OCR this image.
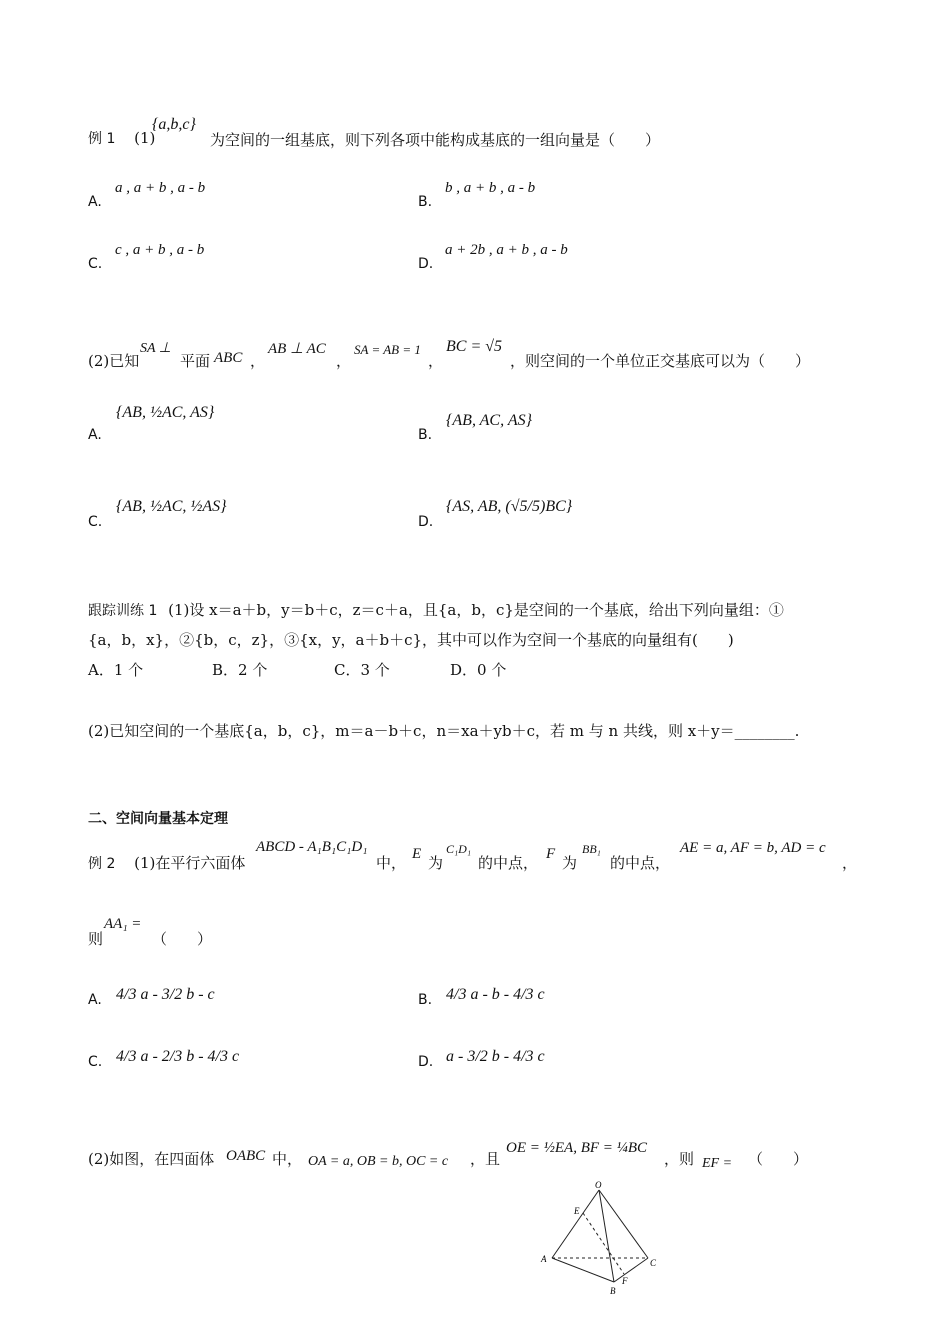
例 1 (1)
{a,b,c}
为空间的一组基底，则下列各项中能构成基底的一组向量是（　　）
A.
a , a + b , a - b
B.
b , a + b , a - b
C.
c , a + b , a - b
D.
a + 2b , a + b , a - b
(2)已知
SA ⊥
平面 ABC ，
AB ⊥ AC
，
SA = AB = 1
，
BC = √5
，则空间的一个单位正交基底可以为（　　）
A.
{AB, ½AC, AS}
B.
{AB, AC, AS}
C.
{AB, ½AC, ½AS}
D.
{AS, AB, (√5/5)BC}
跟踪训练 1 (1)设 x＝a＋b，y＝b＋c，z＝c＋a，且{a，b，c}是空间的一个基底，给出下列向量组：①
{a，b，x}，②{b，c，z}，③{x，y，a＋b＋c}，其中可以作为空间一个基底的向量组有(　　)
A．1 个	B．2 个	C．3 个	D．0 个
(2)已知空间的一个基底{a，b，c}，m＝a－b＋c，n＝xa＋yb＋c，若 m 与 n 共线，则 x＋y＝________.
二、空间向量基本定理
例 2 (1)在平行六面体
ABCD - A₁B₁C₁D₁
中， E 为
C₁D₁
的中点， F 为
BB₁
的中点，
AE = a, AF = b, AD = c
，
则
AA₁ =
（　　）
A. 4/3 a - 3/2 b - c	B. 4/3 a - b - 4/3 c
C. 4/3 a - 2/3 b - 4/3 c	D. a - 3/2 b - 4/3 c
(2)如图，在四面体 OABC 中， OA = a, OB = b, OC = c ，且
OE = ½EA, BF = ¼BC
，则 EF = （　　）
O
E
A	C
F
B
